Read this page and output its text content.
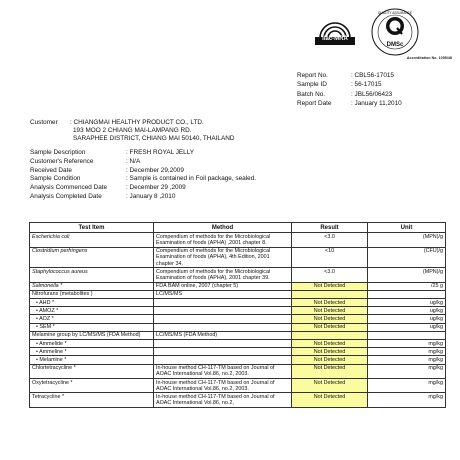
ilac-MRA
QUALITY ASSURANCE
DMSc
Accreditation No. 1055/48
Report No.	: CBL56-17015
Sample ID	: 56-17015
Batch No.	: JBL56/06423
Report Date	: January 11,2010
Customer	: CHIANGMAI HEALTHY PRODUCT CO., LTD.
193 MOO 2 CHIANG MAI-LAMPANG RD.
SARAPHEE DISTRICT, CHIANG MAI 50140, THAILAND
Sample Description	: FRESH ROYAL JELLY
Customer's Reference	: N/A
Received Date	: December 29,2009
Sample Condition	: Sample is contained in Foil package, sealed.
Analysis Commenced Date	: December 29 ,2009
Analysis Completed Date	: January 8 ,2010
Test Item	Method	Result	Unit
Escherichia coli	Compendium of methods for the Microbiological Examination of foods (APHA) ,2001 chapter 8.	<3.0	(MPN)/g
Clostridium perfringens	Compendium of methods for the Microbiological Examination of foods (APHA), 4th Edition, 2001 chapter 34.	<10	(CFU)/g
Staphylococcus aureus	Compendium of methods for the Microbiological Examination of foods (APHA), 2001 chapter 39.	<3.0	(MPN)/g
Salmonella *	FDA BAM online, 2007 (chapter 5)	Not Detected	/25 g
Nitrofurans (metabolites )	LC/MS/MS		
• AHD *		Not Detected	ug/kg
• AMOZ *		Not Detected	ug/kg
• AOZ *		Not Detected	ug/kg
• SEM *		Not Detected	ug/kg
Melamine group by LC/MS/MS (FDA Method)	LC/MS/MS (FDA Method)		
• Ammelide *		Not Detected	mg/kg
• Ammeline *		Not Detected	mg/kg
• Melamine *		Not Detected	mg/kg
Chlortetracycline *	In-house method CH-117-TM based on Journal of AOAC International Vol.86, no.2, 2003.	Not Detected	mg/kg
Oxytetracycline *	In-house method CH-117-TM based on Journal of AOAC International Vol.86, no.2, 2003.	Not Detected	mg/kg
Tetracycline *	In-house method CH-117-TM based on Journal of AOAC International Vol.86, no.2,	Not Detected	mg/kg
